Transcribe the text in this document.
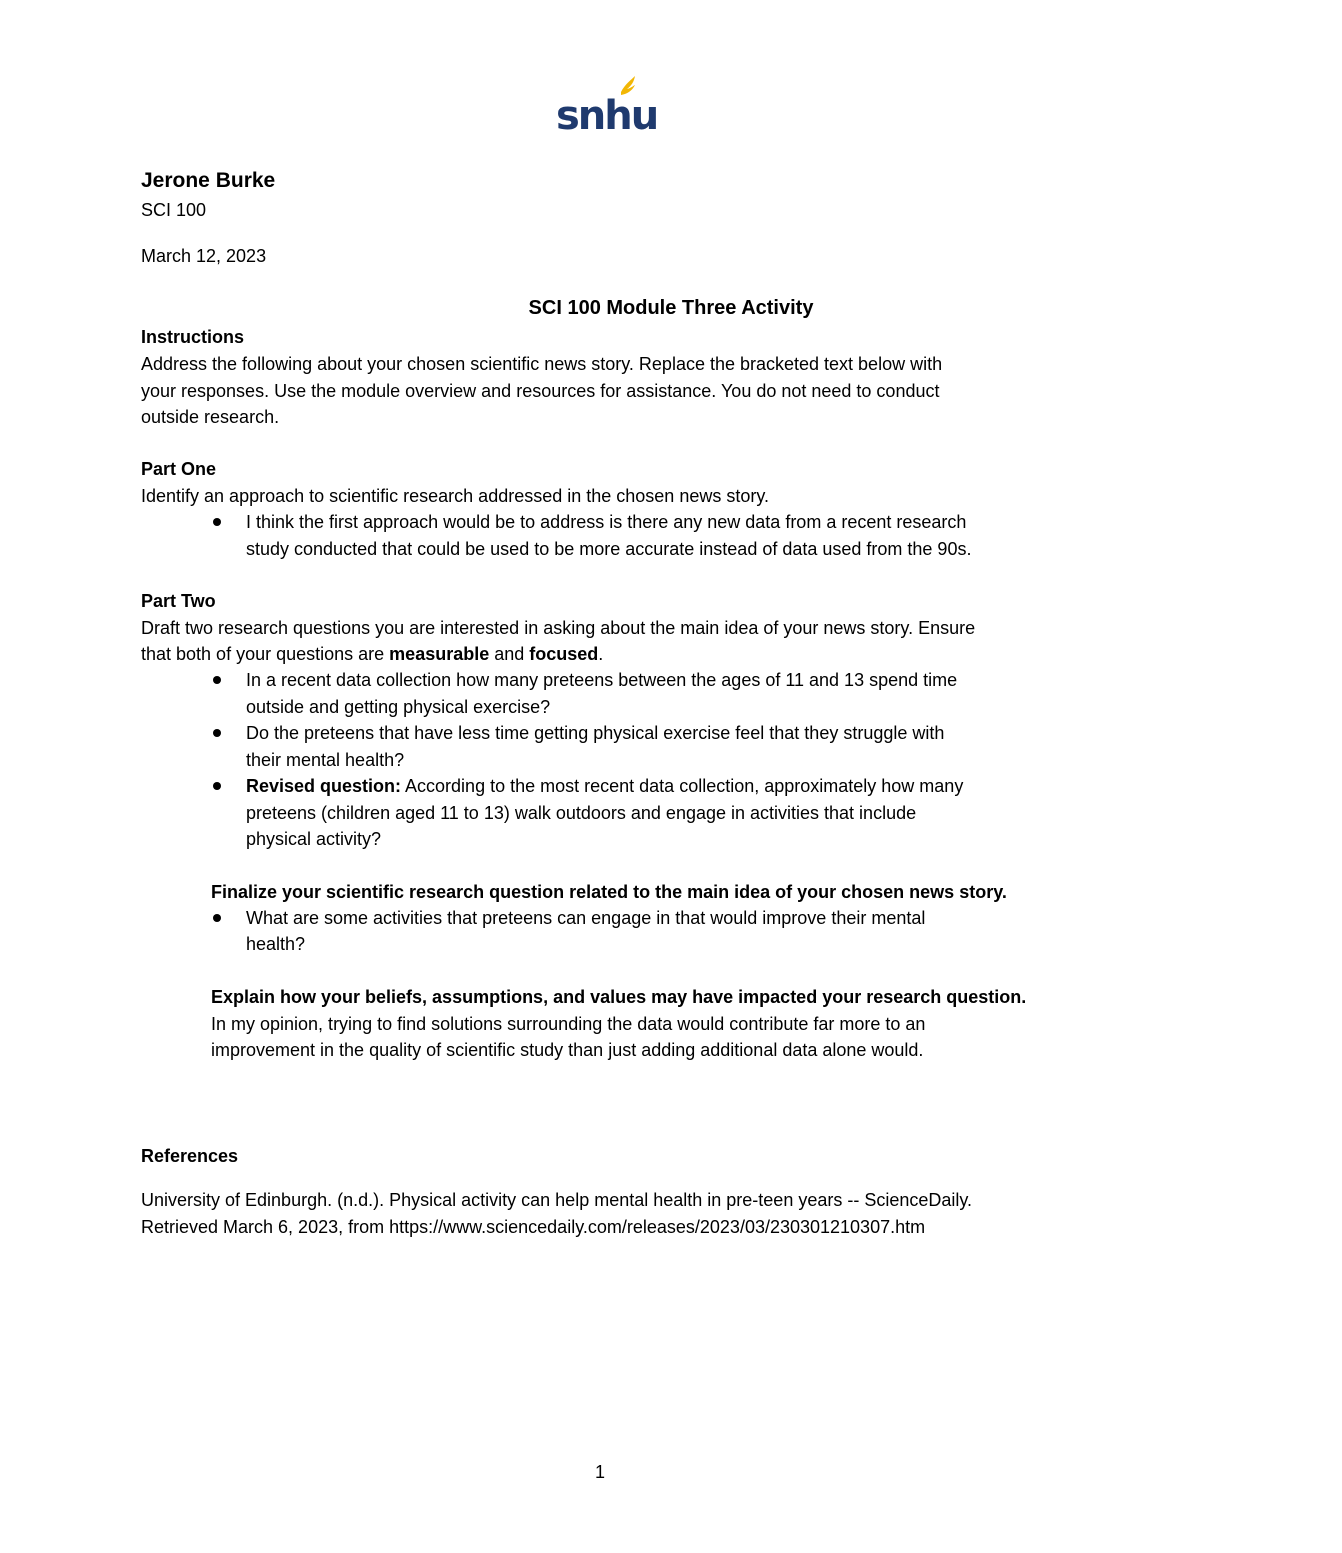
snhu
Jerone Burke
SCI 100
March 12, 2023
SCI 100 Module Three Activity
Instructions
Address the following about your chosen scientific news story. Replace the bracketed text below with
your responses. Use the module overview and resources for assistance. You do not need to conduct
outside research.
Part One
Identify an approach to scientific research addressed in the chosen news story.
I think the first approach would be to address is there any new data from a recent research
study conducted that could be used to be more accurate instead of data used from the 90s.
Part Two
Draft two research questions you are interested in asking about the main idea of your news story. Ensure
that both of your questions are measurable and focused.
In a recent data collection how many preteens between the ages of 11 and 13 spend time
outside and getting physical exercise?
Do the preteens that have less time getting physical exercise feel that they struggle with
their mental health?
Revised question: According to the most recent data collection, approximately how many
preteens (children aged 11 to 13) walk outdoors and engage in activities that include
physical activity?
Finalize your scientific research question related to the main idea of your chosen news story.
What are some activities that preteens can engage in that would improve their mental
health?
Explain how your beliefs, assumptions, and values may have impacted your research question.
In my opinion, trying to find solutions surrounding the data would contribute far more to an
improvement in the quality of scientific study than just adding additional data alone would.
References
University of Edinburgh. (n.d.). Physical activity can help mental health in pre-teen years -- ScienceDaily.
Retrieved March 6, 2023, from https://www.sciencedaily.com/releases/2023/03/230301210307.htm
1
